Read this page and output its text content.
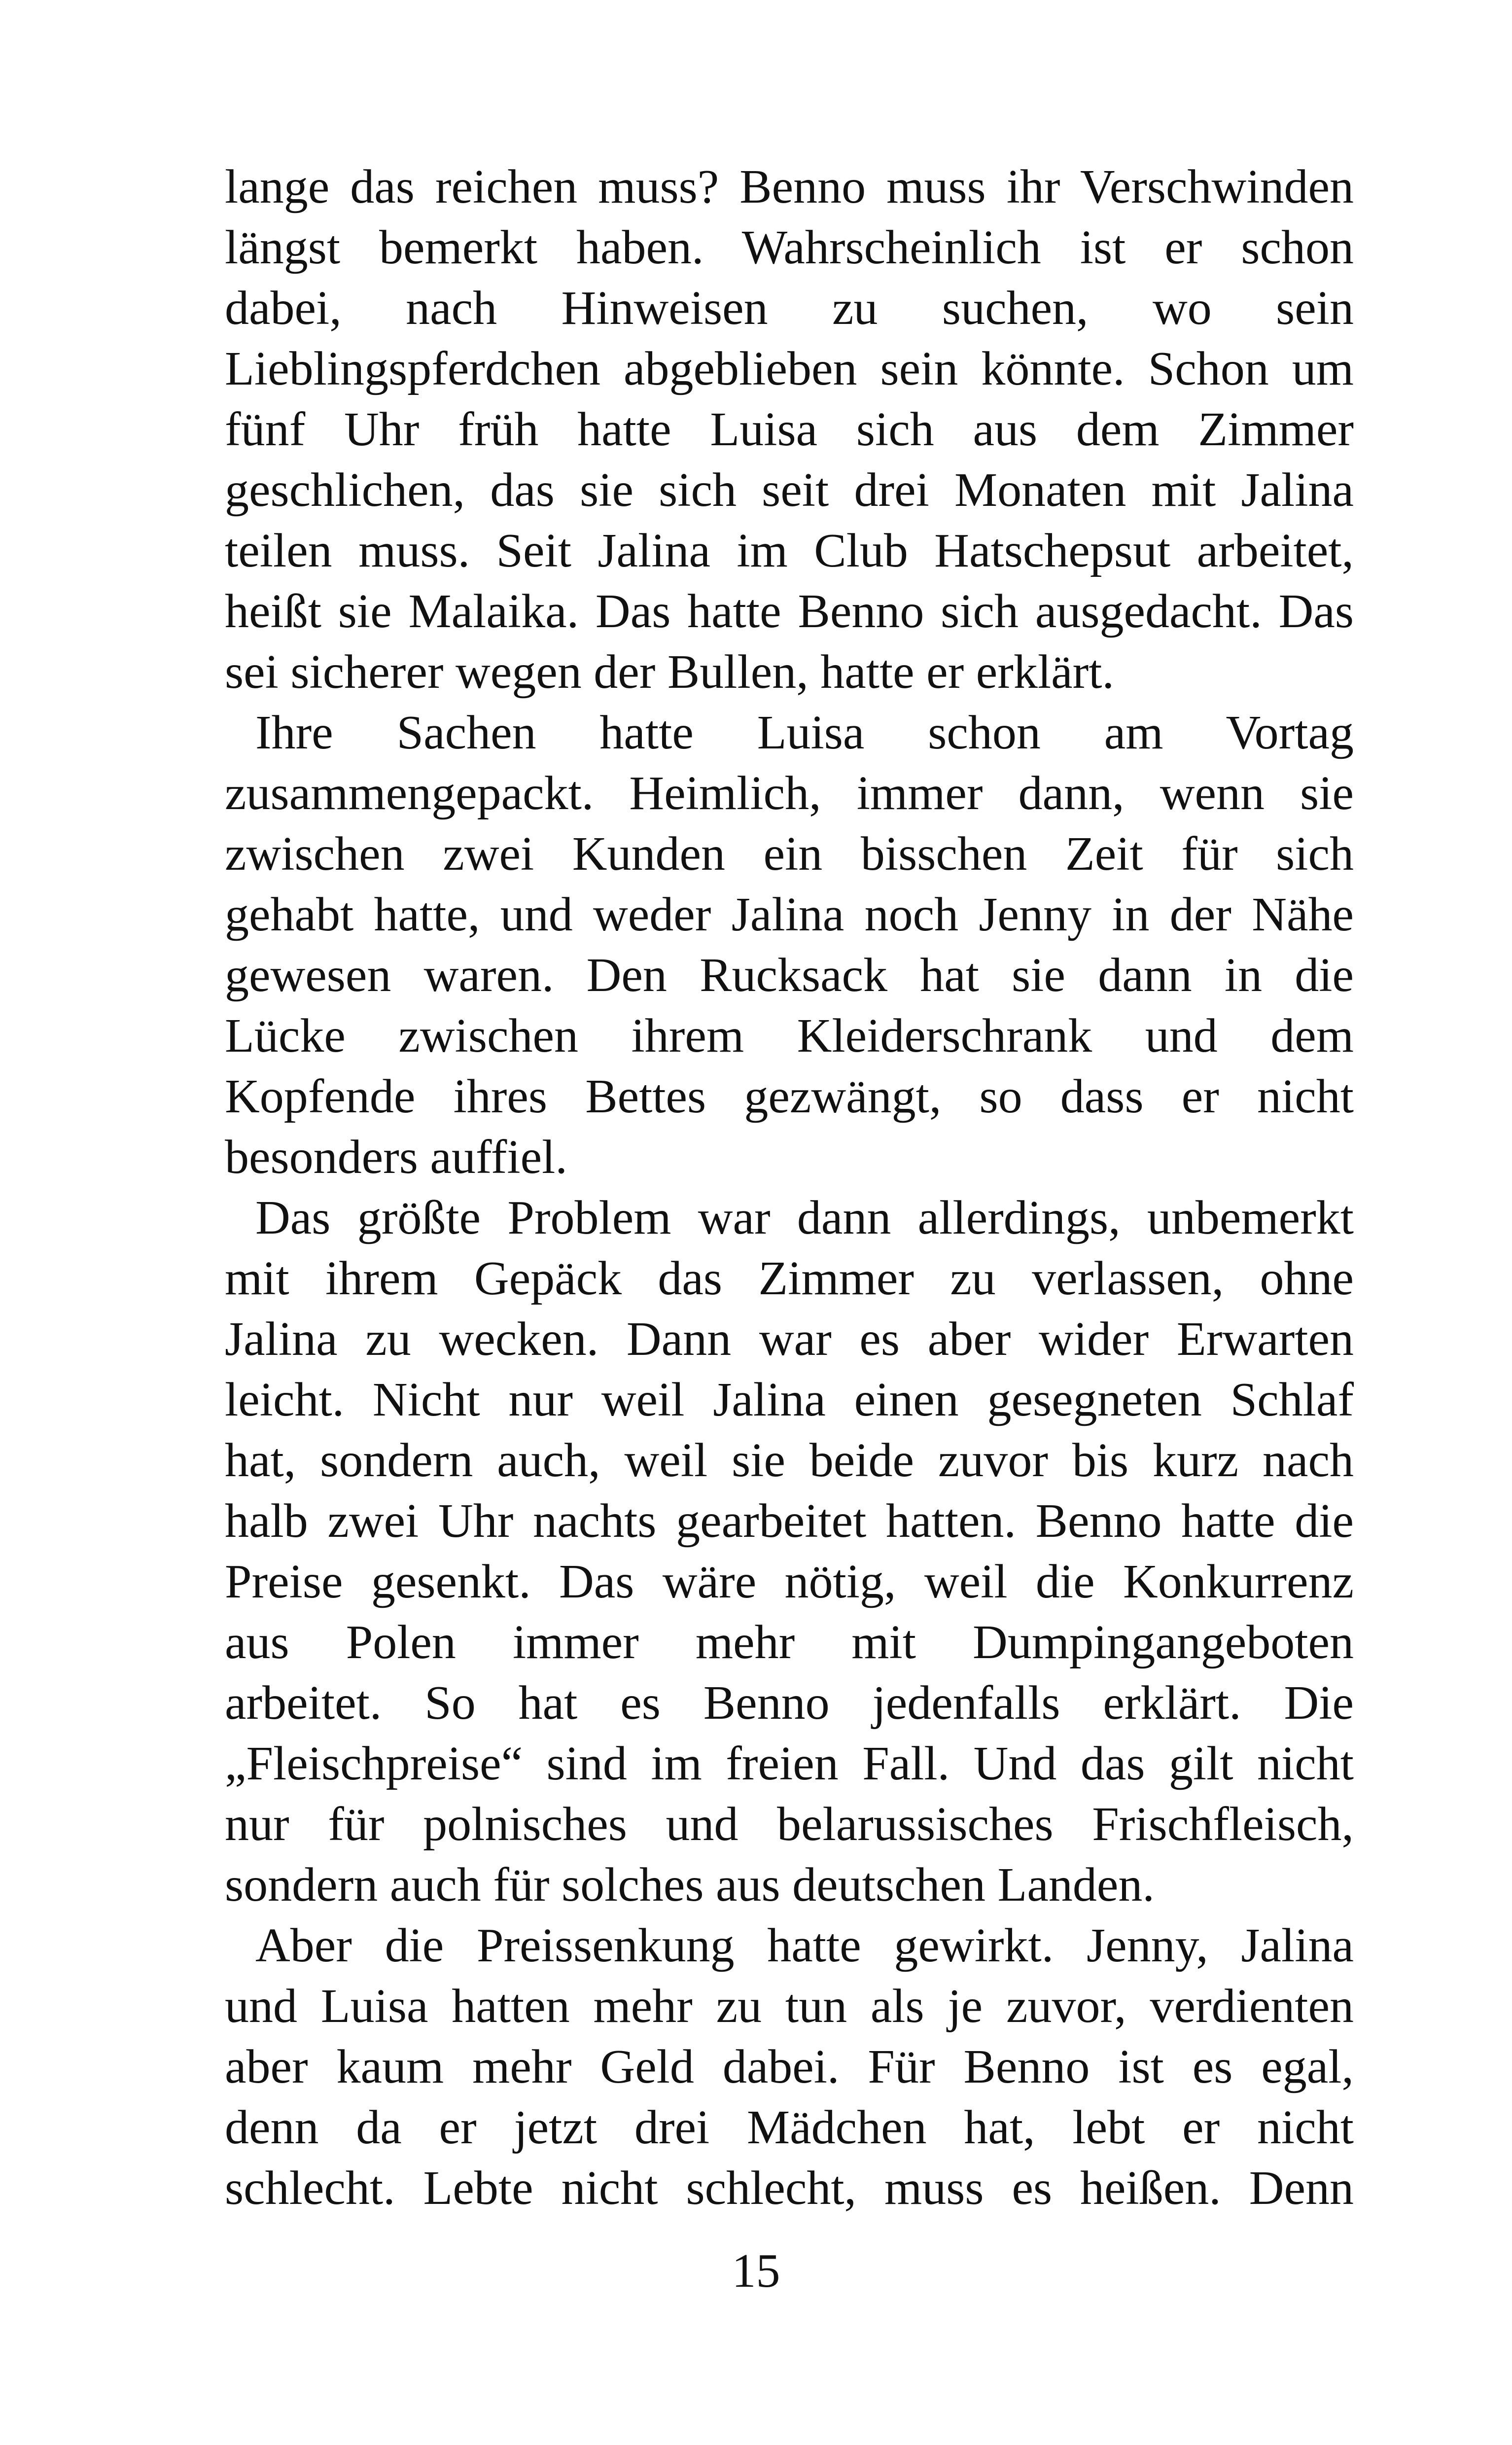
lange das reichen muss? Benno muss ihr Verschwinden
längst bemerkt haben. Wahrscheinlich ist er schon
dabei, nach Hinweisen zu suchen, wo sein
Lieblingspferdchen abgeblieben sein könnte. Schon um
fünf Uhr früh hatte Luisa sich aus dem Zimmer
geschlichen, das sie sich seit drei Monaten mit Jalina
teilen muss. Seit Jalina im Club Hatschepsut arbeitet,
heißt sie Malaika. Das hatte Benno sich ausgedacht. Das
sei sicherer wegen der Bullen, hatte er erklärt.
Ihre Sachen hatte Luisa schon am Vortag
zusammengepackt. Heimlich, immer dann, wenn sie
zwischen zwei Kunden ein bisschen Zeit für sich
gehabt hatte, und weder Jalina noch Jenny in der Nähe
gewesen waren. Den Rucksack hat sie dann in die
Lücke zwischen ihrem Kleiderschrank und dem
Kopfende ihres Bettes gezwängt, so dass er nicht
besonders auffiel.
Das größte Problem war dann allerdings, unbemerkt
mit ihrem Gepäck das Zimmer zu verlassen, ohne
Jalina zu wecken. Dann war es aber wider Erwarten
leicht. Nicht nur weil Jalina einen gesegneten Schlaf
hat, sondern auch, weil sie beide zuvor bis kurz nach
halb zwei Uhr nachts gearbeitet hatten. Benno hatte die
Preise gesenkt. Das wäre nötig, weil die Konkurrenz
aus Polen immer mehr mit Dumpingangeboten
arbeitet. So hat es Benno jedenfalls erklärt. Die
„Fleischpreise“ sind im freien Fall. Und das gilt nicht
nur für polnisches und belarussisches Frischfleisch,
sondern auch für solches aus deutschen Landen.
Aber die Preissenkung hatte gewirkt. Jenny, Jalina
und Luisa hatten mehr zu tun als je zuvor, verdienten
aber kaum mehr Geld dabei. Für Benno ist es egal,
denn da er jetzt drei Mädchen hat, lebt er nicht
schlecht. Lebte nicht schlecht, muss es heißen. Denn
15
